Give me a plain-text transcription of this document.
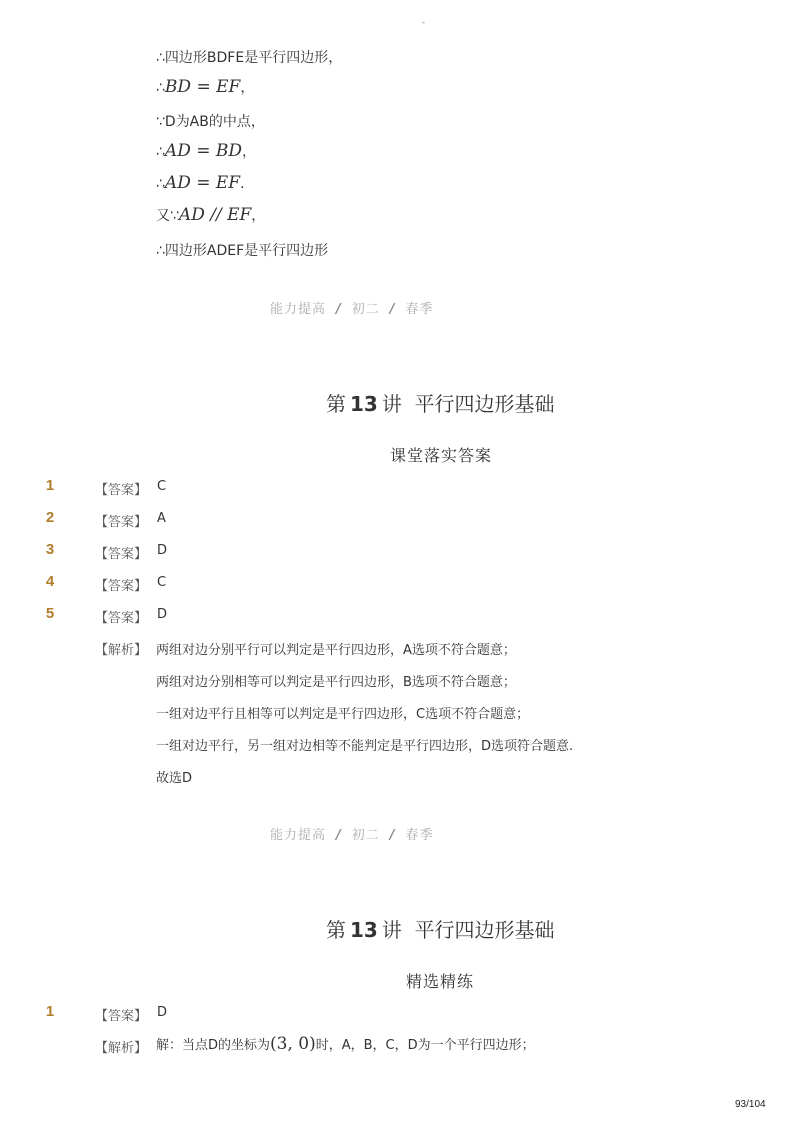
-
∴四边形BDFE是平行四边形，
∴BD = EF，
∵D为AB的中点，
∴AD = BD，
∴AD = EF．
又∵AD // EF，
∴四边形ADEF是平行四边形
能力提高 / 初二 / 春季
第 13 讲 平行四边形基础
课堂落实答案
1	【答案】 C
2	【答案】 A
3	【答案】 D
4	【答案】 C
5	【答案】 D
【解析】 两组对边分别平行可以判定是平行四边形，A选项不符合题意；
两组对边分别相等可以判定是平行四边形，B选项不符合题意；
一组对边平行且相等可以判定是平行四边形，C选项不符合题意；
一组对边平行，另一组对边相等不能判定是平行四边形，D选项符合题意.
故选D
能力提高 / 初二 / 春季
第 13 讲 平行四边形基础
精选精练
1	【答案】 D
【解析】 解：当点D的坐标为(3, 0)时，A，B，C，D为一个平行四边形；
93/104
